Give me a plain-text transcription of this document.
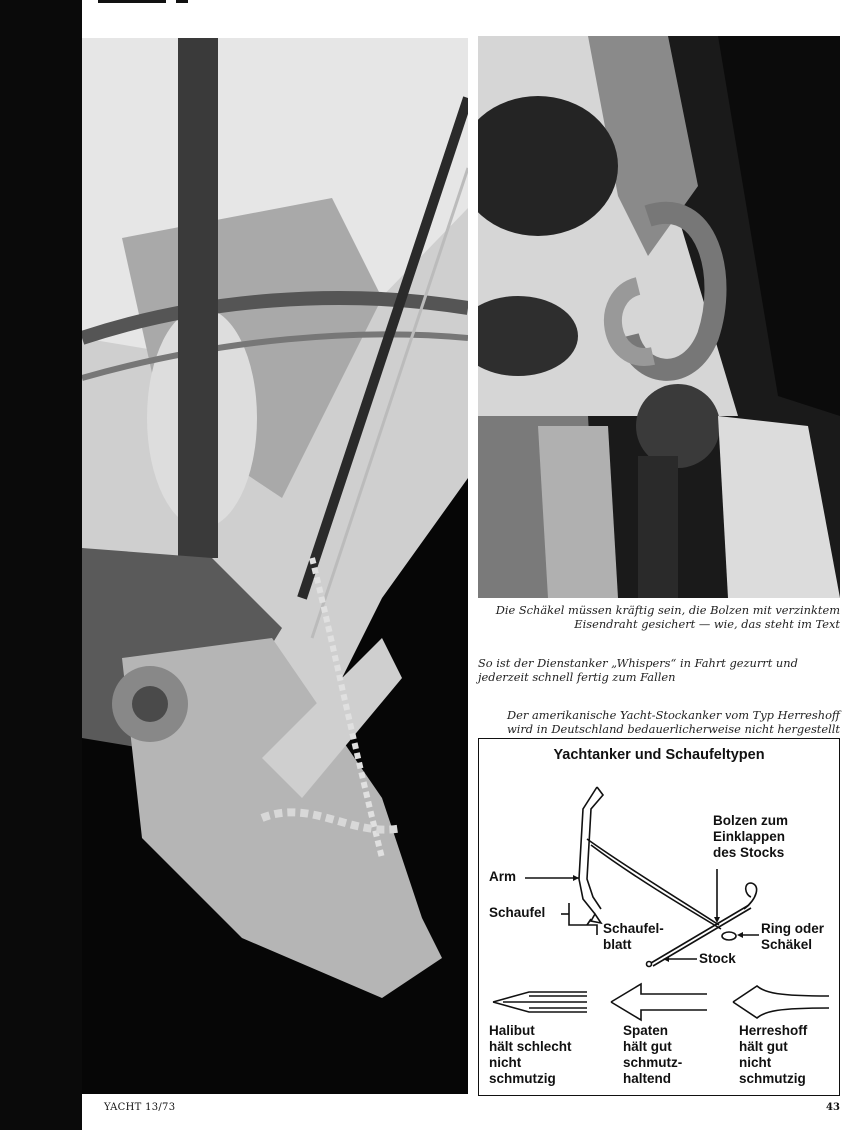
Die Schäkel müssen kräftig sein, die Bolzen mit verzinktem Eisendraht gesichert — wie, das steht im Text
So ist der Dienstanker „Whispers“ in Fahrt gezurrt und jederzeit schnell fertig zum Fallen
Der amerikanische Yacht-Stockanker vom Typ Herreshoff wird in Deutschland bedauerlicherweise nicht hergestellt
Yachtanker und Schaufeltypen
Bolzen zum
Einklappen
des Stocks
Arm
Schaufel
Schaufel-
blatt
Ring oder
Schäkel
Stock
Halibut
hält schlecht
nicht
schmutzig
Spaten
hält gut
schmutz-
haltend
Herreshoff
hält gut
nicht
schmutzig
YACHT 13/73	43
